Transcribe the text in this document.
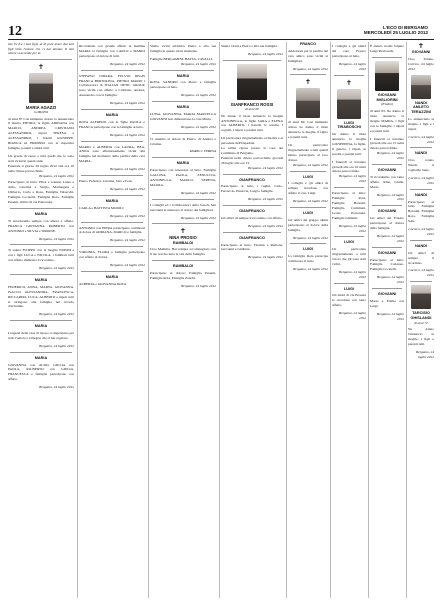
12	L'ECO DI BERGAMO
MERCOLEDÌ 25 LUGLIO 2012
sile Tu fra i tuoi figli, al di pure avere dai tuoi figli tutto l'amore che ci hai donato. Il mio amore si accende per te.
✝
MARIA AGAZZI
in MILESI
di anni 87 Con immenso dolore lo annunciano il marito PIETRO, le figlie ADRIANA con MARCO, ANDREA CRISTIANO ALESSANDRO, nipoti TERESA e ALESSANDRO, i fratelli GIUSEPPE, BIANCA ed ERMINIO con le rispettive famiglie, parenti e amici tutti.
Un grazie di cuore a tutti quelli che le sono stati vicini in questi anni.
Funerale il giorno 26 luglio 2012 alle ore 10 nella chiesa parrocchiale.
Bergamo, 24 luglio 2012
Partecipano al lutto: Elisa e Gianni, Luisa e Aldo, Caterina e Sergio, Mariangela e Umberto, Carlo e Rosa, Famiglia Valsecchi, Famiglia Locatelli, Famiglia Rota, Famiglia Pesenti, Amici di via Paleocapa.
MARIA
Ti ricorderemo sempre con amore e affetto. FRANCA GIOVANNA ROBERTO con ANTONIO e SILVIA e SIMONE.
Bergamo, 24 luglio 2012
Ti saluta FILIPPO con la moglie NOEMI e con i figli LUCA e NICOLA, i familiari tutti con affetto immenso ti ricordano.
Bergamo, 24 luglio 2012
MARIA
FEDERICO, ANNA, MARTA, GIOVANNA, ISACCO ALESSANDRA, FRANCESCA, RICCARDO, LUCA, ALBERTO e nipoti tutti si stringono alla famiglia nel ricordo dolcissimo.
Bergamo, 24 luglio 2012
MARIA
I ragazzi della casa di riposo ti ringraziano per tutto l'amore e l'allegria che ci hai regalato.
Bergamo, 24 luglio 2012
MARIA
GIOVANNA con ALDO, GIULIA con PAOLA, RO-BERTO con GIULIA, FRANCESCA e famiglie partecipano con affetto.
Bergamo, 24 luglio 2012
Ricordando con grande affetto la mamma MARIA la famiglia con CARLO e MARIO partecipano al dolore di tutti.
Bergamo, 24 luglio 2012
STEFANO CHIARA, FULVIO REGIS FRANCA BERTOLINA, PIETRO MARIO i Collaboratori di ITALIAN OPTIC GROUP, sono vicini con affetto a Cristiano, Andrea, Alessandro con la famiglia.
Bergamo, 24 luglio 2012
MARIA
ROTA ALFREDO con le figlie PAOLA e FRANCA partecipano con le famiglie al lutto.
Bergamo, 24 luglio 2012
MARIO e ALBERTA con LAURA, BEA, ANNA sono affettuosamente vicini alla famiglia nel momento della perdita della cara MARIA.
Bergamo, 24 luglio 2012
Pietro, Federica, Cristina, Sara e Ivan.
Bergamo, 24 luglio 2012
MARIA
CARLA e BATTISTA MOIOLI
Bergamo, 24 luglio 2012
ANTONIO con PIERA partecipano commossi al dolore di ADRIANA, MARCO e famiglie.
Bergamo, 24 luglio 2012
VIRGINIA, FLORA e famiglia partecipano con affetto al dolore.
Bergamo, 24 luglio 2012
MARIA
ALBERTA e GIOVANNA ROTA
Siamo vicini all'amico Pietro e alla sua famiglia in questo triste momento.
Famiglia BERGAMINI, BATTA, CAVALLI.
Bergamo, 24 luglio 2012
MARIA
ROTA, SANDRO con Pietro e famiglia partecipano al lutto.
Bergamo, 24 luglio 2012
MARIA
LUISA, GIOVANNA, MARIA MARCELLA GIOVANNI non dimenticano la cara Maria.
Bergamo, 24 luglio 2012
Ci uniamo al dolore di Pietro, di Andrea e Cristina.
MARIO e TERESA
MARIA
Partecipano con tenerezza al lutto. Famiglia GALLINA, PAOLA, ZENUCCIA, ANTONELLA, MARCO, SERENA, MAURA.
Bergamo, 24 luglio 2012
I colleghi ed i Collaboratori della Scuola San Giovanni si uniscono al dolore dei famigliari.
Bergamo, 24 luglio 2012
✝
NINA PROSIO
RAMBALDI
Ciao Mamma. Hai sempre accompagnato con il tuo sorriso tutta la vita della famiglia.
RAMBALDI
Partecipano al dolore: Famiglia Pesenti, Famiglia Rota, Famiglia Zanchi.
Bergamo, 24 luglio 2012
Siamo vicini a Pietro e alla sua famiglia.
Bergamo, 24 luglio 2012
GIANFRANCO ROSSI
di anni 60
Ne danno il triste annuncio la moglie ANTONELLA, le figlie SARA e ELENA con ALBERTO, i fratelli, le sorelle, i cognati, i nipoti e parenti tutti.
Un particolare ringraziamento ai medici e al personale dell'Ospedale.
La salma riposa presso la casa del Commiato di Bergamo.
Funerali nella chiesa parrocchiale giovedì 26 luglio alle ore 15.
Bergamo, 24 luglio 2012
GIANFRANCO
Partecipano al lutto i cugini, Carlo, Ferruccio, Pinuccia, Luigi e famiglie.
Bergamo, 24 luglio 2012
GIANFRANCO
Gli amici di sempre ti ricordano con affetto.
Bergamo, 24 luglio 2012
GIANFRANCO
Partecipano al lutto: Thomas e Ramona, Giovanni e Giuliana.
Bergamo, 24 luglio 2012
FRANCO
Addolorati per la perdita del caro amico sono vicini ai famigliari.
Bergamo, 24 luglio 2012
✝
di anni 60. Con immenso dolore ne danno il triste annuncio la moglie, il figlio e parenti tutti.
Un particolare ringraziamento a tutti quanti hanno partecipato al loro dolore.
Bergamo, 24 luglio 2012
LUIGI
I colleghi e gli amici di sempre ricordano con affetto il caro Luigi.
Bergamo, 24 luglio 2012
LUIGI
Gli amici del gruppo alpini partecipano al dolore della famiglia.
Bergamo, 24 luglio 2012
LUIGI
La famiglia Rota partecipa commossa al lutto.
Bergamo, 24 luglio 2012
I colleghi e gli amici del caro Franco partecipano al lutto.
Bergamo, 24 luglio 2012
✝
LUIGI TIRABOSCHI
Ne danno il triste annuncio la moglie GIUSEPPINA, la figlia, il genero, i nipoti, le sorelle e parenti tutti.
I funerali si terranno giovedì alle ore 10 nella chiesa parrocchiale.
Bergamo, 24 luglio 2012
Partecipano al lutto: Famiglia Rota, Famiglia Bonomi, Famiglia Carminati, Leone Personeni, Famiglia Ghisleni.
Bergamo, 24 luglio 2012
LUIGI
Un particolare ringraziamento a tutti coloro che gli sono stati vicini.
Bergamo, 24 luglio 2012
LUIGI
Gli amici di via Broseta lo ricordano con tanto affetto.
Bergamo, 24 luglio 2012
È andato avanti l'alpino Luigi Tiraboschi.
GIOVANNI MIGLIORINI
(Triedro)
di anni 83. Ne danno il triste annuncio la moglie MARIA, i figli con le famiglie, i nipoti e parenti tutti.
I funerali si terranno giovedì alle ore 15 nella chiesa parrocchiale.
Bergamo, 24 luglio 2012
GIOVANNI
Ti ricordiamo con tanto affetto. Rina, Giulia, Mario.
Bergamo, 24 luglio 2012
GIOVANNI
Gli amici del Triedro partecipano al dolore della famiglia.
Bergamo, 24 luglio 2012
GIOVANNI
Partecipano al lutto: Famiglia Cattaneo, Famiglia Locatelli.
Bergamo, 24 luglio 2012
GIOVANNI
Mario e Ersilia con Luigi.
Bergamo, 24 luglio 2012
✝
GIOVANNI
Ciao Tonino. Carvico, 24 luglio 2012
NANDI AMLETO
TERAZZINI
Lo annunciano la moglie, i figli e i nipoti.
Carvico, 24 luglio 2012
NANDI
Ciao nonno Nandi, ti vogliamo bene.
Carvico, 24 luglio 2012
NANDI
Partecipano al lutto: Famiglia Bonomi, Famiglia Rota, Famiglia Sala.
Carvico, 24 luglio 2012
NANDI
Gli amici di sempre ti ricordano.
Carvico, 24 luglio 2012
TARCISIO GHISLANDI
di anni 72
Ne danno l'annuncio la moglie, i figli e parenti tutti.
Bergamo, 24 luglio 2012
